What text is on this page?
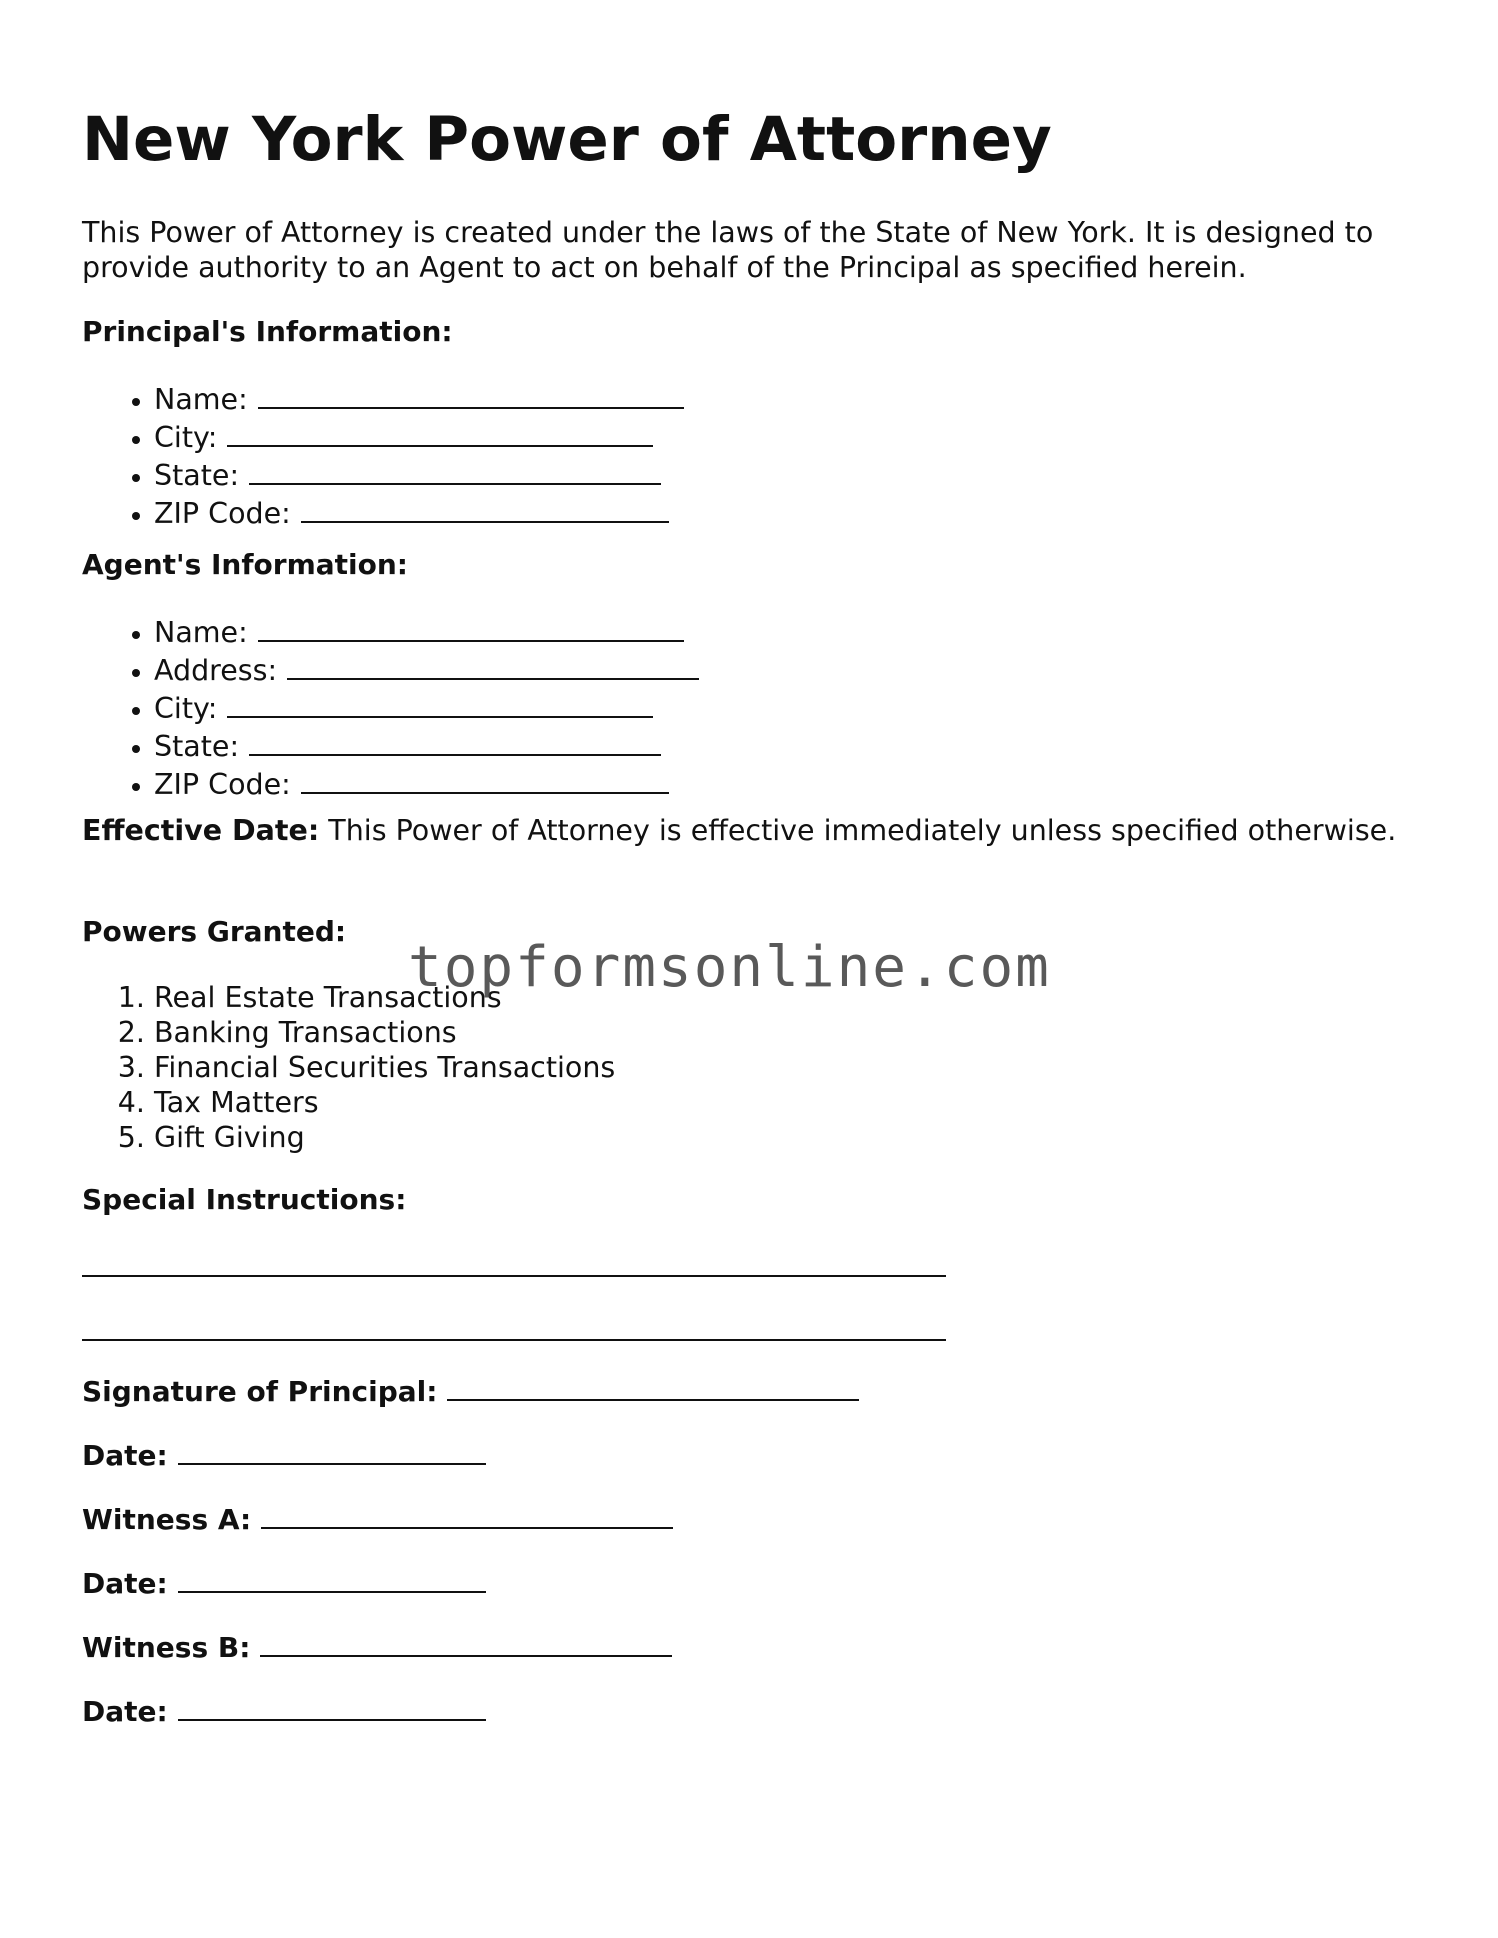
New York Power of Attorney

This Power of Attorney is created under the laws of the State of New York. It is designed to provide authority to an Agent to act on behalf of the Principal as specified herein.

Principal's Information:

• Name:
• City:
• State:
• ZIP Code:

Agent's Information:

• Name:
• Address:
• City:
• State:
• ZIP Code:

Effective Date: This Power of Attorney is effective immediately unless specified otherwise.

Powers Granted:

1. Real Estate Transactions
2. Banking Transactions
3. Financial Securities Transactions
4. Tax Matters
5. Gift Giving

Special Instructions:

Signature of Principal:

Date:

Witness A:

Date:

Witness B:

Date:

topformsonline.com
